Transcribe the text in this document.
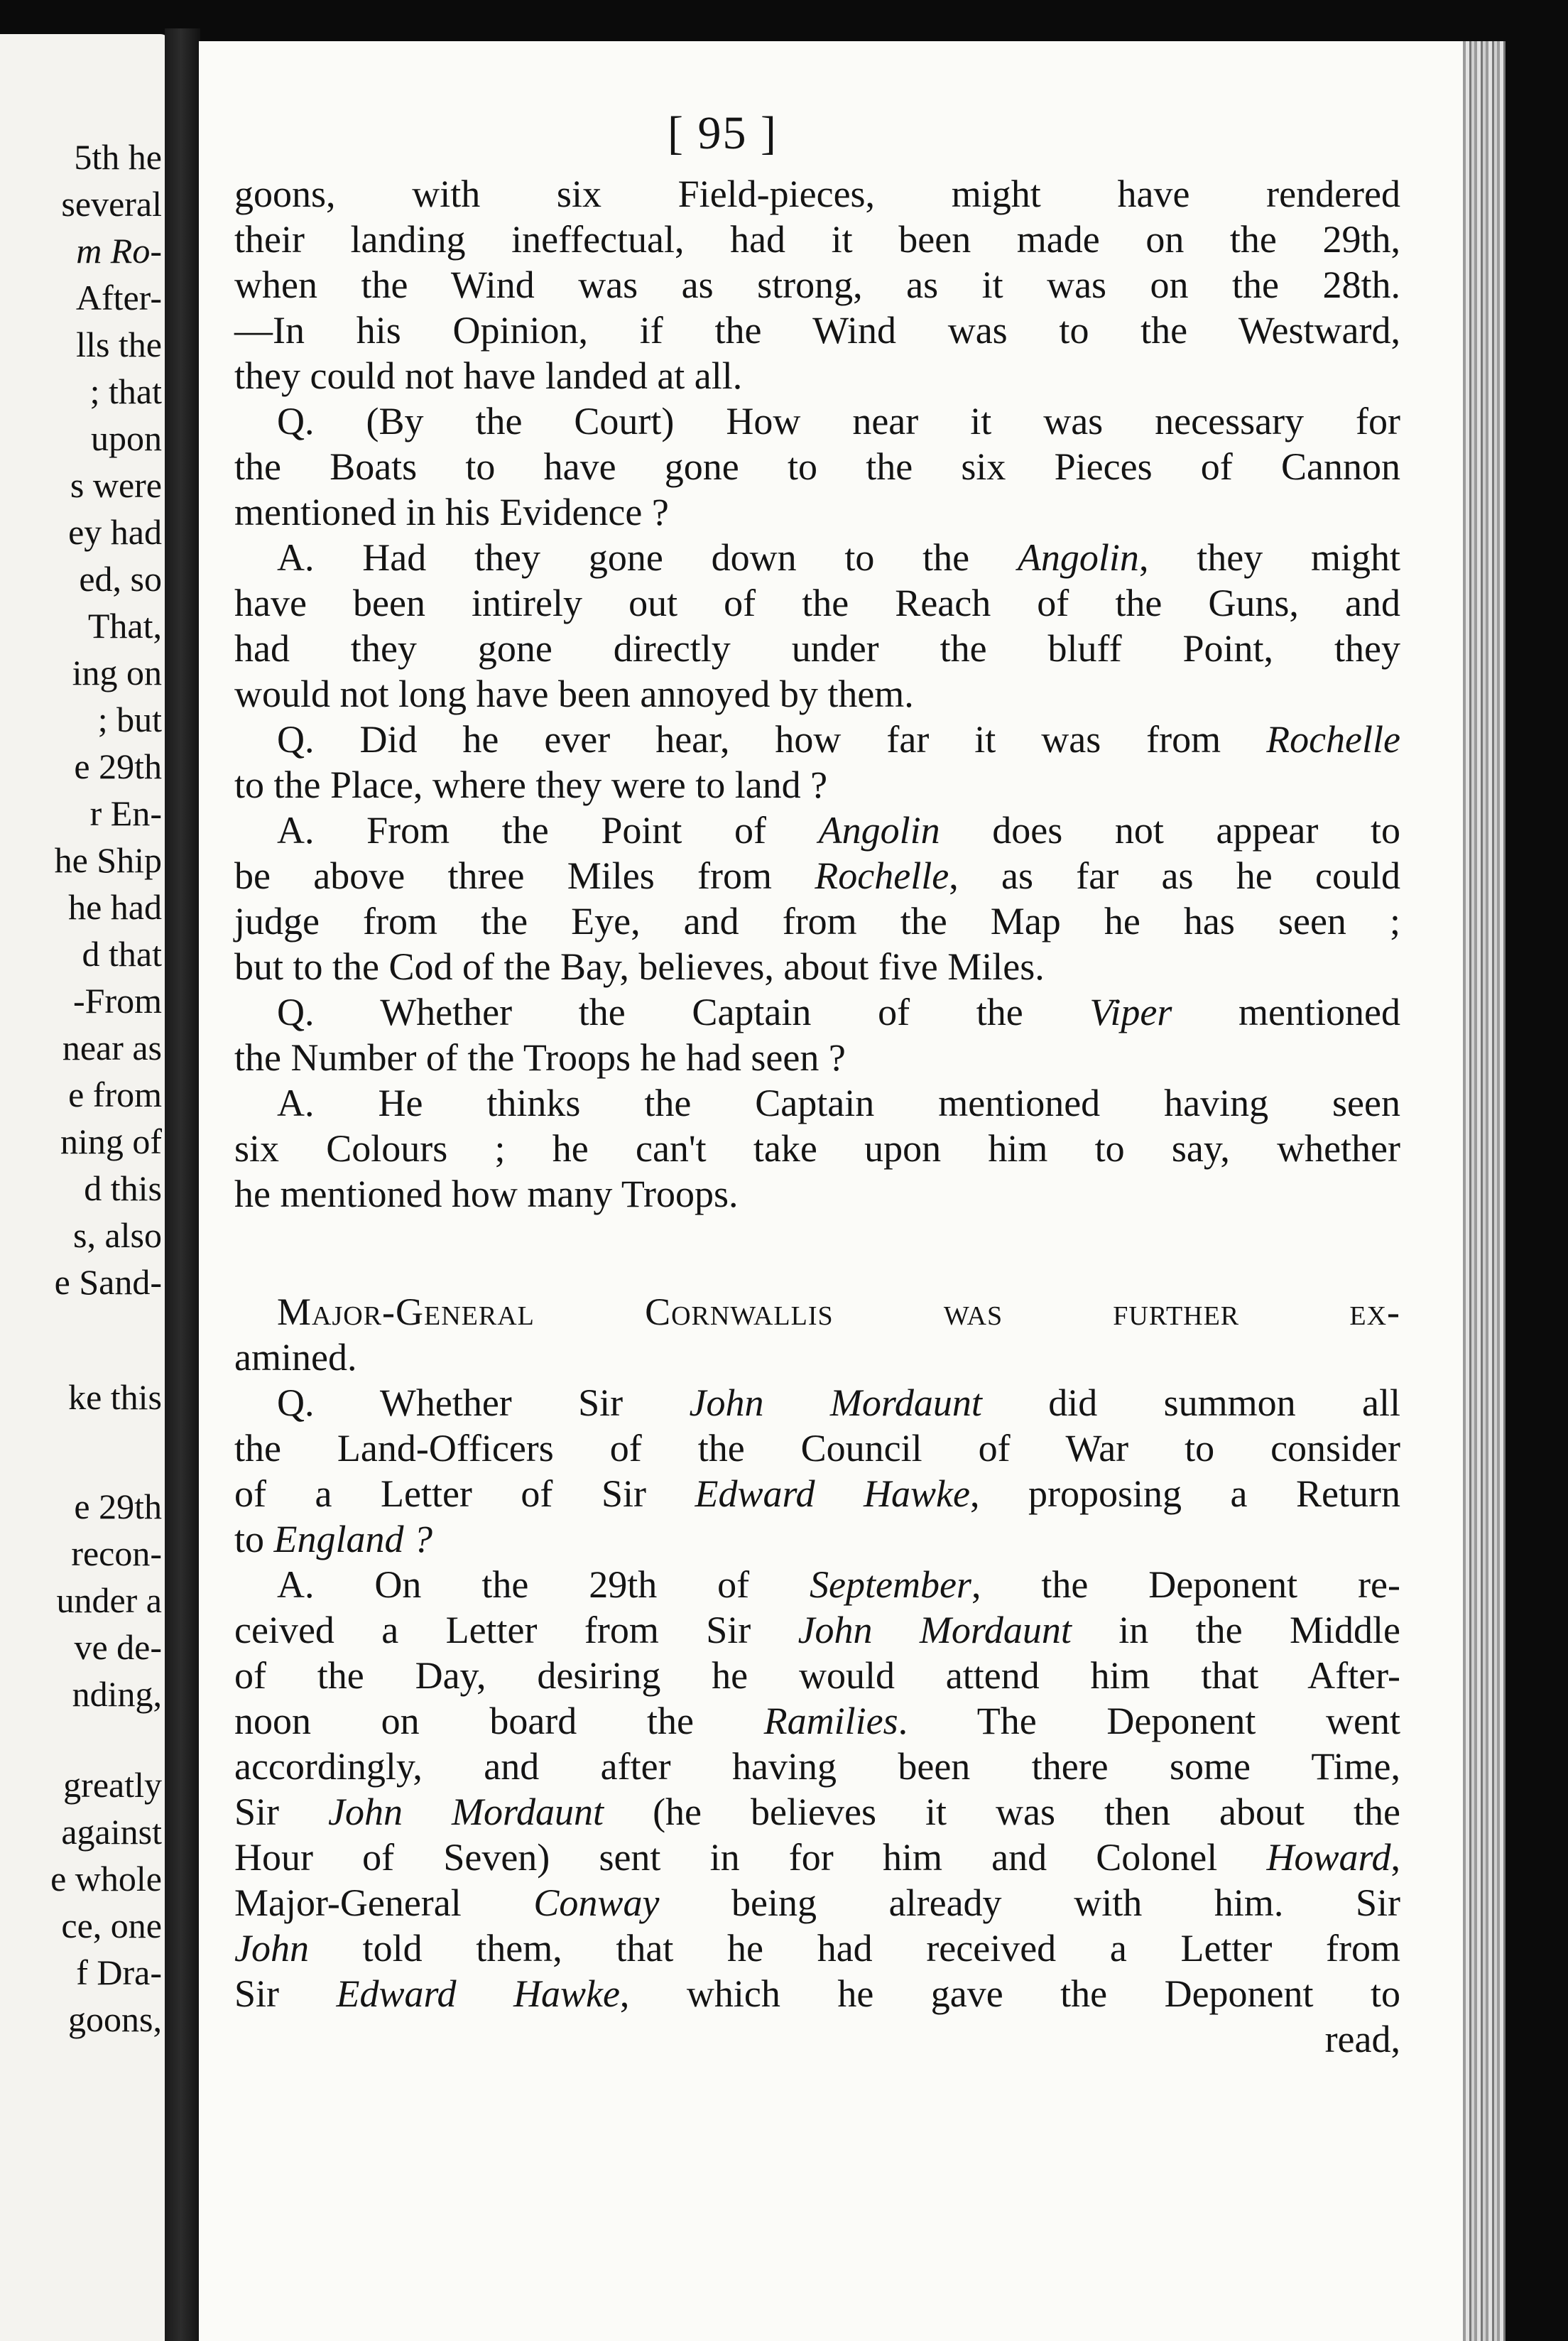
5th he
several
m Ro-
After-
lls the
; that
upon
s were
ey had
ed, so
That,
ing on
; but
e 29th
r En-
he Ship
he had
d that
-From
near as
e from
ning of
d this
s, also
e Sand-
ke this
e 29th
recon-
under a
ve de-
nding,
greatly
against
e whole
ce, one
f Dra-
goons,
[ 95 ]

goons, with six Field-pieces, might have rendered

their landing ineffectual, had it been made on the 29th,

when the Wind was as strong, as it was on the 28th.

—In his Opinion, if the Wind was to the Westward,

they could not have landed at all.

Q. (By the Court) How near it was necessary for

the Boats to have gone to the six Pieces of Cannon

mentioned in his Evidence ?

A. Had they gone down to the Angolin, they might

have been intirely out of the Reach of the Guns, and

had they gone directly under the bluff Point, they

would not long have been annoyed by them.

Q. Did he ever hear, how far it was from Rochelle

to the Place, where they were to land ?

A. From the Point of Angolin does not appear to

be above three Miles from Rochelle, as far as he could

judge from the Eye, and from the Map he has seen ;

but to the Cod of the Bay, believes, about five Miles.

Q. Whether the Captain of the Viper mentioned

the Number of the Troops he had seen ?

A. He thinks the Captain mentioned having seen

six Colours ; he can't take upon him to say, whether

he mentioned how many Troops.

Major-General Cornwallis was further ex-

amined.

Q. Whether Sir John Mordaunt did summon all

the Land-Officers of the Council of War to consider

of a Letter of Sir Edward Hawke, proposing a Return

to England ?

A. On the 29th of September, the Deponent re-

ceived a Letter from Sir John Mordaunt in the Middle

of the Day, desiring he would attend him that After-

noon on board the Ramilies. The Deponent went

accordingly, and after having been there some Time,

Sir John Mordaunt (he believes it was then about the

Hour of Seven) sent in for him and Colonel Howard,

Major-General Conway being already with him. Sir

John told them, that he had received a Letter from

Sir Edward Hawke, which he gave the Deponent to

read,
